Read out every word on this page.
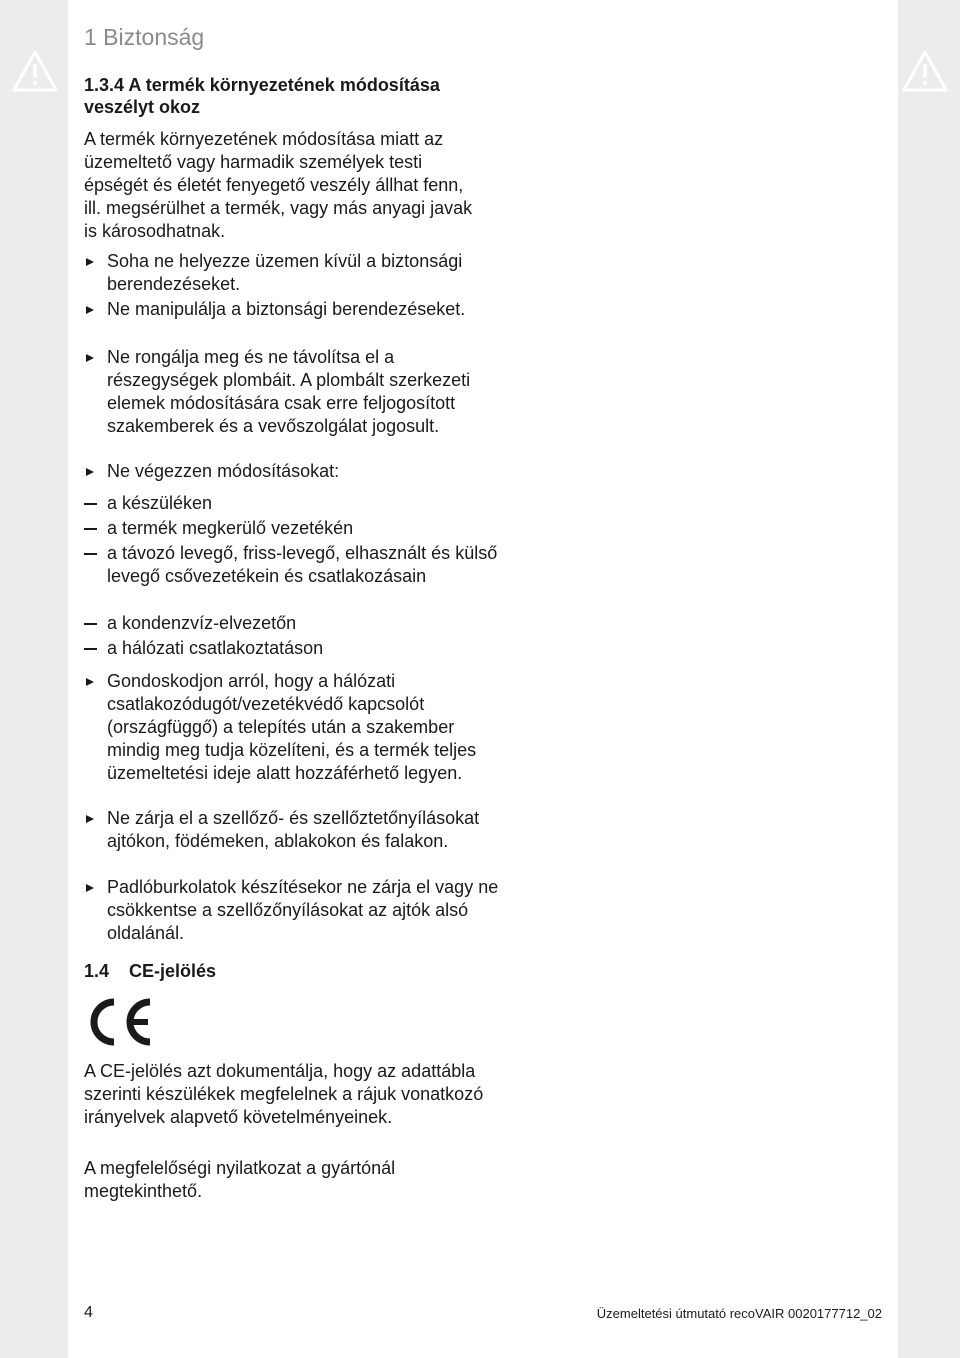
1 Biztonság
1.3.4 A termék környezetének módosítása veszélyt okoz
A termék környezetének módosítása miatt az üzemeltető vagy harmadik személyek testi épségét és életét fenyegető veszély állhat fenn, ill. megsérülhet a termék, vagy más anyagi javak is károsodhatnak.
Soha ne helyezze üzemen kívül a biztonsági berendezéseket.
Ne manipulálja a biztonsági berendezéseket.
Ne rongálja meg és ne távolítsa el a részegységek plombáit. A plombált szerkezeti elemek módosítására csak erre feljogosított szakemberek és a vevőszolgálat jogosult.
Ne végezzen módosításokat:
a készüléken
a termék megkerülő vezetékén
a távozó levegő, friss-levegő, elhasznált és külső levegő csővezetékein és csatlakozásain
a kondenzvíz-elvezetőn
a hálózati csatlakoztatáson
Gondoskodjon arról, hogy a hálózati csatlakozódugót/vezetékvédő kapcsolót (országfüggő) a telepítés után a szakember mindig meg tudja közelíteni, és a termék teljes üzemeltetési ideje alatt hozzáférhető legyen.
Ne zárja el a szellőző- és szellőztetőnyílásokat ajtókon, födémeken, ablakokon és falakon.
Padlóburkolatok készítésekor ne zárja el vagy ne csökkentse a szellőzőnyílásokat az ajtók alsó oldalánál.
1.4 CE-jelölés
A CE-jelölés azt dokumentálja, hogy az adattábla szerinti készülékek megfelelnek a rájuk vonatkozó irányelvek alapvető követelményeinek.
A megfelelőségi nyilatkozat a gyártónál megtekinthető.
4	Üzemeltetési útmutató recoVAIR 0020177712_02
